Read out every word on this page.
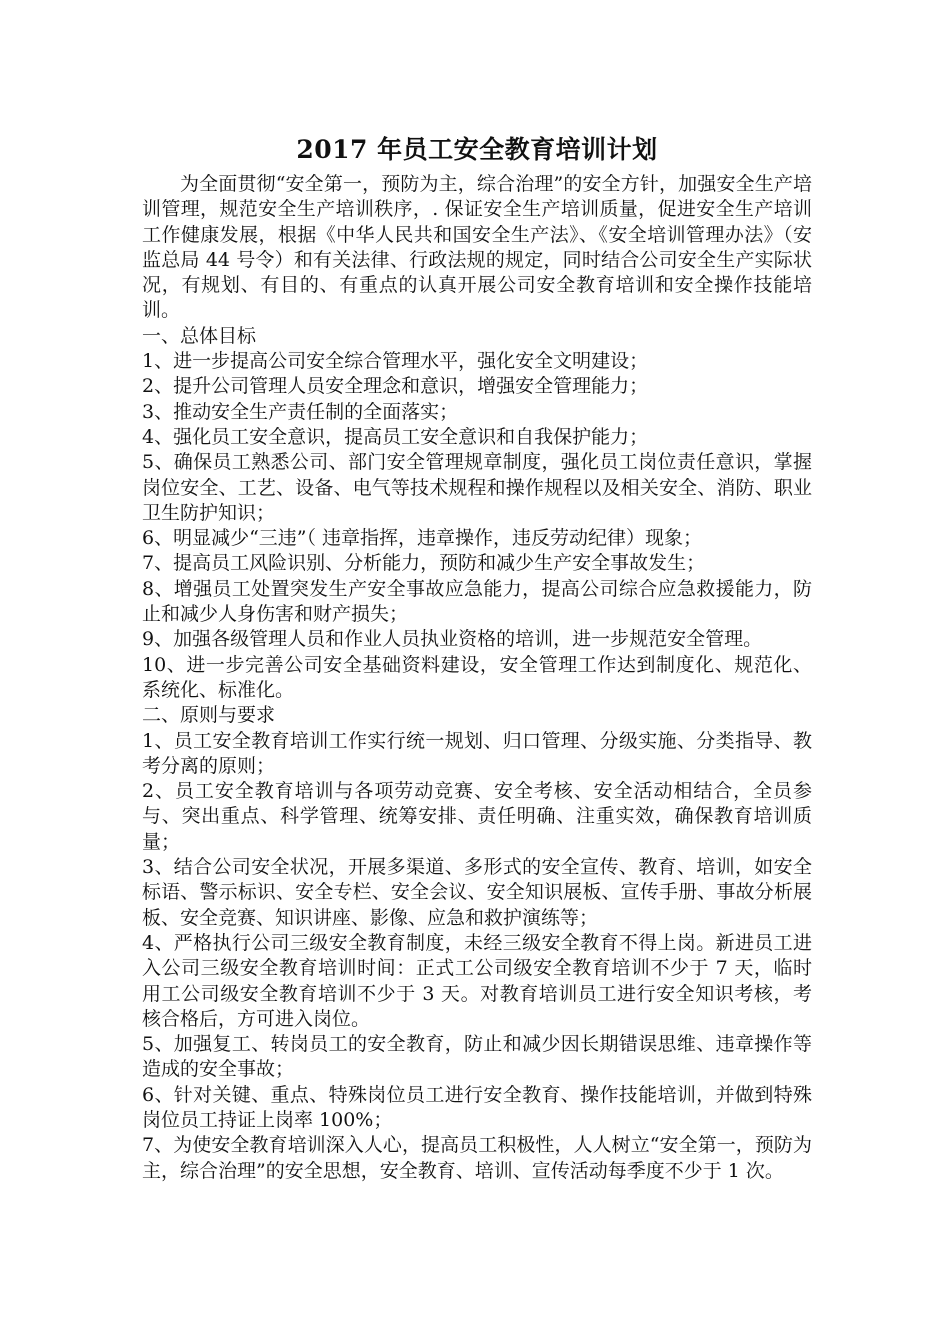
2017 年员工安全教育培训计划

为全面贯彻“安全第一，预防为主，综合治理”的安全方针，加强安全生产培训管理，规范安全生产培训秩序，. 保证安全生产培训质量，促进安全生产培训工作健康发展，根据《中华人民共和国安全生产法》、《安全培训管理办法》（安监总局 44 号令）和有关法律、行政法规的规定，同时结合公司安全生产实际状况，有规划、有目的、有重点的认真开展公司安全教育培训和安全操作技能培训。

一、总体目标

1、进一步提高公司安全综合管理水平，强化安全文明建设；

2、提升公司管理人员安全理念和意识，增强安全管理能力；

3、推动安全生产责任制的全面落实；

4、强化员工安全意识，提高员工安全意识和自我保护能力；

5、确保员工熟悉公司、部门安全管理规章制度，强化员工岗位责任意识，掌握岗位安全、工艺、设备、电气等技术规程和操作规程以及相关安全、消防、职业卫生防护知识；

6、明显减少“三违”（ 违章指挥，违章操作，违反劳动纪律）现象；

7、提高员工风险识别、分析能力，预防和减少生产安全事故发生；

8、增强员工处置突发生产安全事故应急能力，提高公司综合应急救援能力，防止和减少人身伤害和财产损失；

9、加强各级管理人员和作业人员执业资格的培训，进一步规范安全管理。

10、进一步完善公司安全基础资料建设，安全管理工作达到制度化、规范化、系统化、标准化。

二、原则与要求

1、员工安全教育培训工作实行统一规划、归口管理、分级实施、分类指导、教考分离的原则；

2、员工安全教育培训与各项劳动竞赛、安全考核、安全活动相结合，全员参与、突出重点、科学管理、统筹安排、责任明确、注重实效，确保教育培训质量；

3、结合公司安全状况，开展多渠道、多形式的安全宣传、教育、培训，如安全标语、警示标识、安全专栏、安全会议、安全知识展板、宣传手册、事故分析展板、安全竞赛、知识讲座、影像、应急和救护演练等；

4、严格执行公司三级安全教育制度，未经三级安全教育不得上岗。新进员工进入公司三级安全教育培训时间：正式工公司级安全教育培训不少于 7 天，临时用工公司级安全教育培训不少于 3 天。对教育培训员工进行安全知识考核，考核合格后，方可进入岗位。

5、加强复工、转岗员工的安全教育，防止和减少因长期错误思维、违章操作等造成的安全事故；

6、针对关键、重点、特殊岗位员工进行安全教育、操作技能培训，并做到特殊岗位员工持证上岗率 100%；

7、为使安全教育培训深入人心，提高员工积极性，人人树立“安全第一，预防为主，综合治理”的安全思想，安全教育、培训、宣传活动每季度不少于 1 次。
